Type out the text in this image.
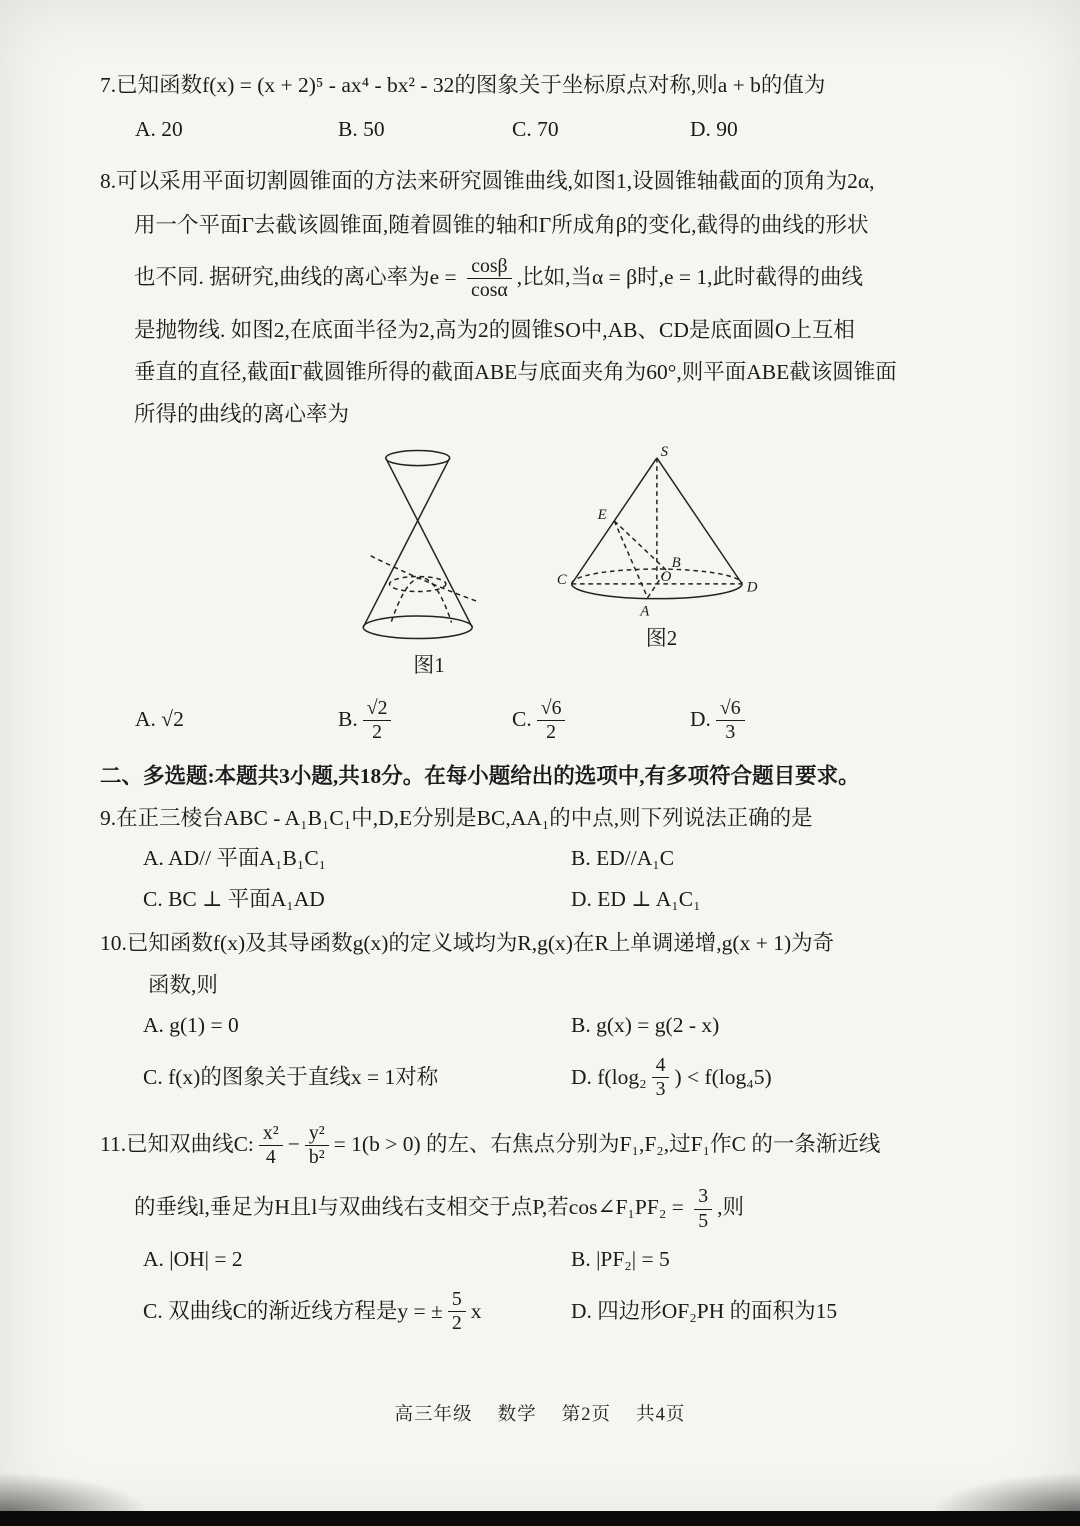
7.已知函数f(x) = (x + 2)⁵ - ax⁴ - bx² - 32的图象关于坐标原点对称,则a + b的值为
A. 20	B. 50	C. 70	D. 90
8.可以采用平面切割圆锥面的方法来研究圆锥曲线,如图1,设圆锥轴截面的顶角为2α,
用一个平面Γ去截该圆锥面,随着圆锥的轴和Γ所成角β的变化,截得的曲线的形状
也不同. 据研究,曲线的离心率为$e = \frac{\cos\beta}{\cos\alpha}$ ,比如,当α = β时,e = 1,此时截得的曲线
是抛物线. 如图2,在底面半径为2,高为2的圆锥SO中,AB、CD是底面圆O上互相
垂直的直径,截面Γ截圆锥所得的截面ABE与底面夹角为60°,则平面ABE截该圆锥面
所得的曲线的离心率为
图1
S
E
B
C	O
D
A
图2
A. √2	B. $\frac{√2}{2}$	C. $\frac{√6}{2}$	D. $\frac{√6}{3}$
二、多选题:本题共3小题,共18分。在每小题给出的选项中,有多项符合题目要求。
9.在正三棱台ABC - A₁B₁C₁中,D,E分别是BC,AA₁的中点,则下列说法正确的是
A. AD// 平面A₁B₁C₁	B. ED//A₁C
C. BC ⊥ 平面A₁AD	D. ED ⊥ A₁C₁
10.已知函数f(x)及其导函数g(x)的定义域均为R,g(x)在R上单调递增,g(x + 1)为奇
函数,则
A. g(1) = 0	B. g(x) = g(2 - x)
C. f(x)的图象关于直线x = 1对称	D. $f(\log_2 \frac{4}{3}$ ) < f(log₄5)
11.已知双曲线C: $\frac{\text{x²}}{4} - \frac{\text{y²}}{\text{b²}} = 1(b > 0)$ 的左、右焦点分别为F₁,F₂,过F₁作C 的一条渐近线
的垂线l,垂足为H且l与双曲线右支相交于点P,若cos∠F₁PF₂ = $\frac{3}{5}$ ,则
A. |OH| = 2	B. |PF₂| = 5
C. 双曲线C的渐近线方程是y = ± $\frac{5}{2}$ x	D. 四边形OF₂PH 的面积为15
高三年级　 数学　 第2页　 共4页
